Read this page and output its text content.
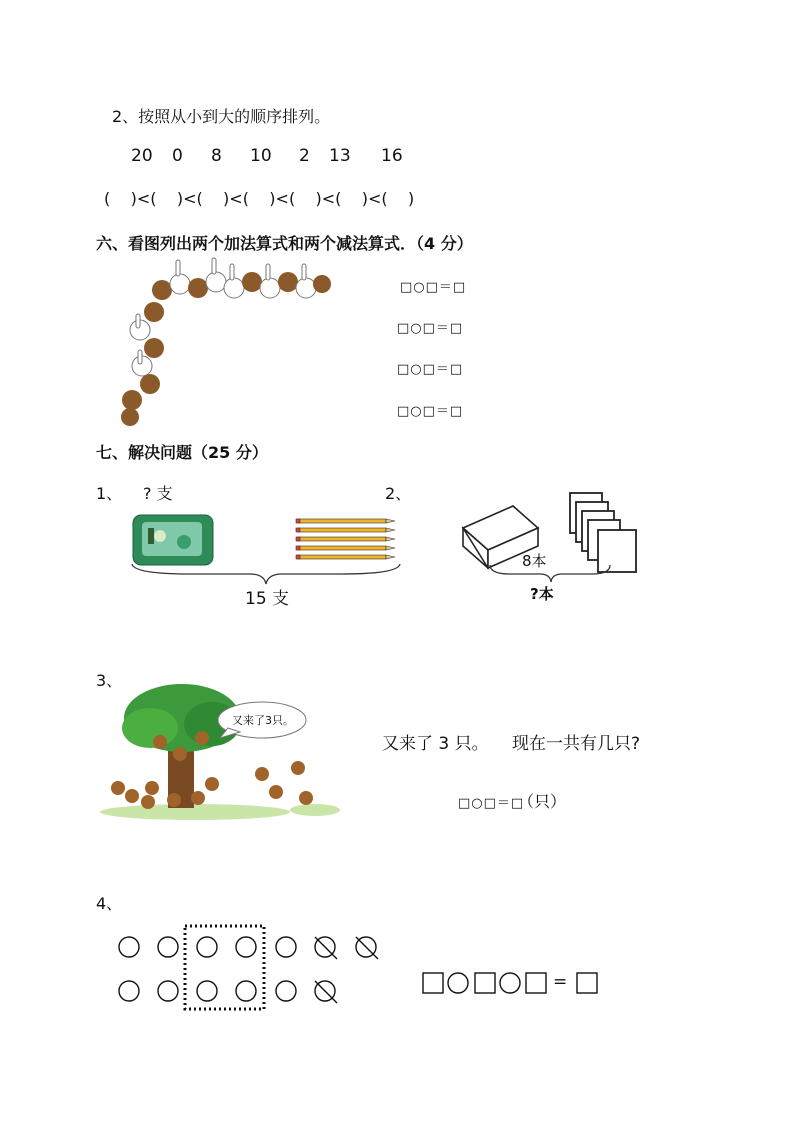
2、按照从小到大的顺序排列。
20 0 8 10 2 13 16
(    )<(    )<(    )<(    )<(    )<(    )<(    )
六、看图列出两个加法算式和两个减法算式．（4 分）
□○□＝□
□○□＝□
□○□＝□
□○□＝□
七、解决问题（25 分）
1、 ? 支
15 支
2、
8本
?本
3、
又来了3只。
又来了 3 只。 现在一共有几只?
□○□＝□
（只）
4、
=
